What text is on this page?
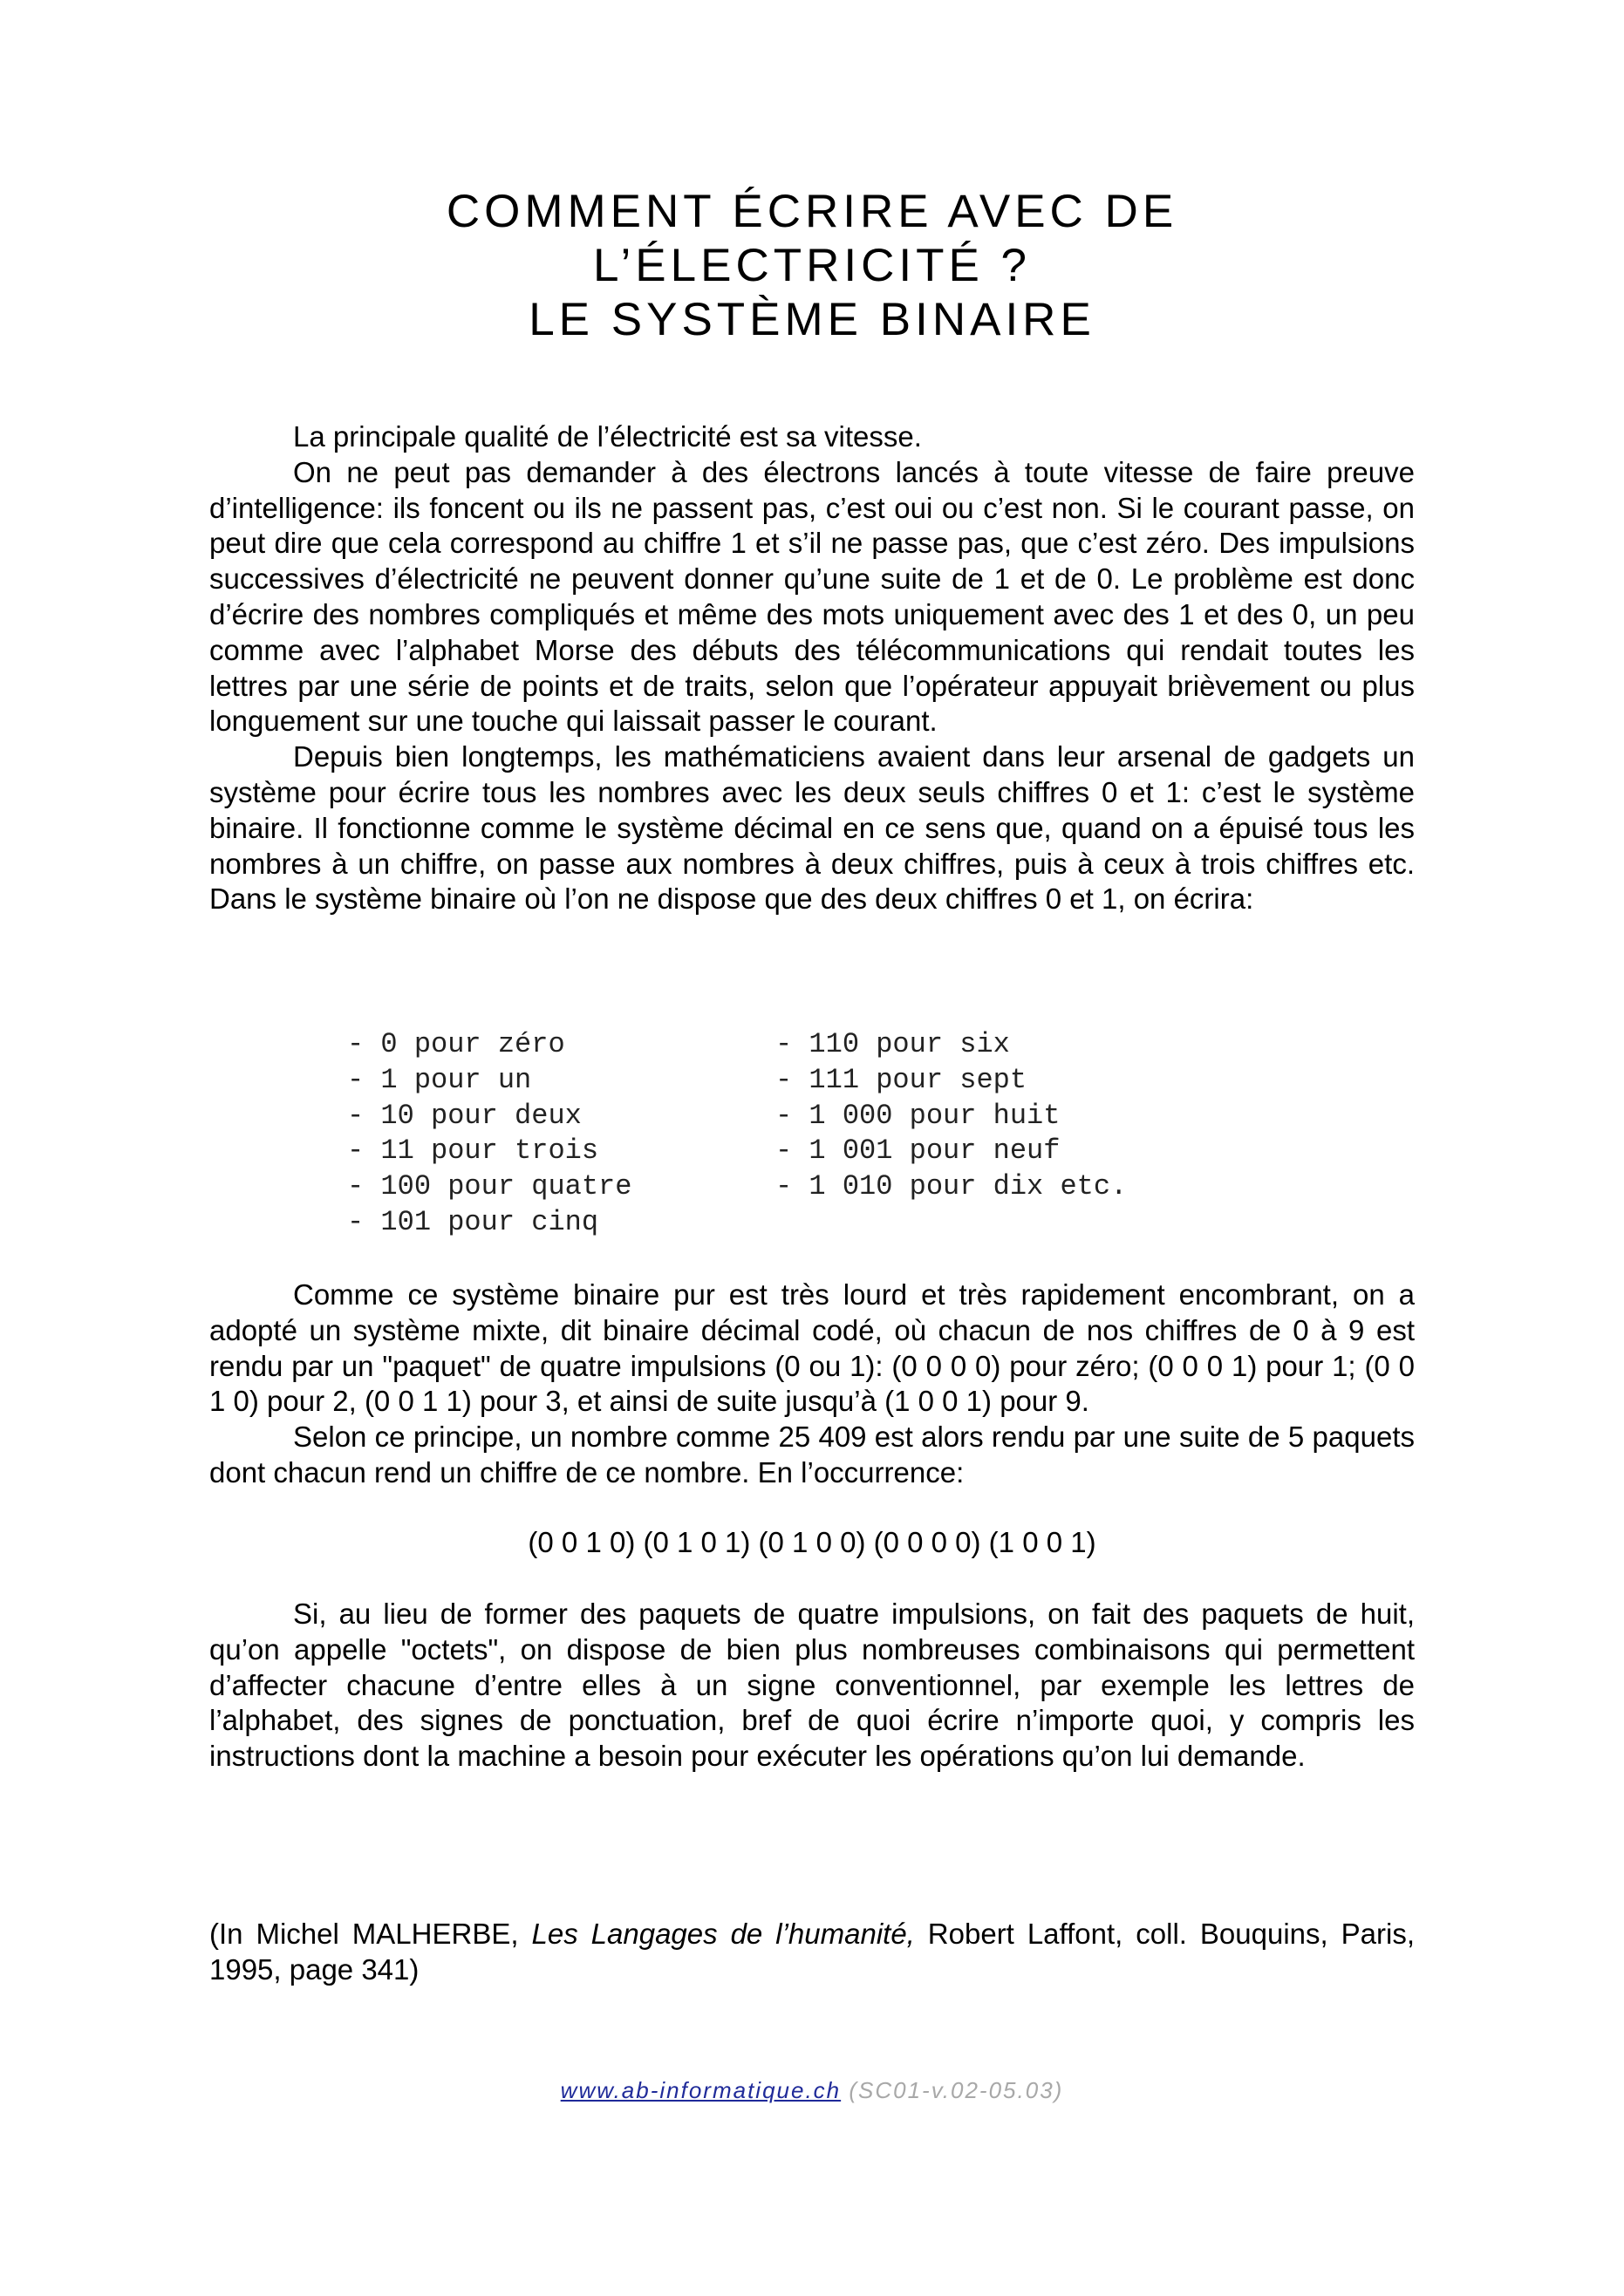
COMMENT ÉCRIRE AVEC DE
L’ÉLECTRICITÉ ?
LE SYSTÈME BINAIRE

La principale qualité de l’électricité est sa vitesse.

On ne peut pas demander à des électrons lancés à toute vitesse de faire preuve d’intelligence: ils foncent ou ils ne passent pas, c’est oui ou c’est non. Si le courant passe, on peut dire que cela correspond au chiffre 1 et s’il ne passe pas, que c’est zéro. Des impulsions successives d’électricité ne peuvent donner qu’une suite de 1 et de 0. Le problème est donc d’écrire des nombres compliqués et même des mots uniquement avec des 1 et des 0, un peu comme avec l’alphabet Morse des débuts des télécommunications qui rendait toutes les lettres par une série de points et de traits, selon que l’opérateur appuyait brièvement ou plus longuement sur une touche qui laissait passer le courant.

Depuis bien longtemps, les mathématiciens avaient dans leur arsenal de gadgets un système pour écrire tous les nombres avec les deux seuls chiffres 0 et 1: c’est le système binaire. Il fonctionne comme le système décimal en ce sens que, quand on a épuisé tous les nombres à un chiffre, on passe aux nombres à deux chiffres, puis à ceux à trois chiffres etc. Dans le système binaire où l’on ne dispose que des deux chiffres 0 et 1, on écrira:

- 0 pour zéro
- 1 pour un
- 10 pour deux
- 11 pour trois
- 100 pour quatre
- 101 pour cinq
- 110 pour six
- 111 pour sept
- 1 000 pour huit
- 1 001 pour neuf
- 1 010 pour dix etc.

Comme ce système binaire pur est très lourd et très rapidement encombrant, on a adopté un système mixte, dit binaire décimal codé, où chacun de nos chiffres de 0 à 9 est rendu par un "paquet" de quatre impulsions (0 ou 1): (0 0 0 0) pour zéro; (0 0 0 1) pour 1; (0 0 1 0) pour 2, (0 0 1 1) pour 3, et ainsi de suite jusqu’à (1 0 0 1) pour 9.

Selon ce principe, un nombre comme 25 409 est alors rendu par une suite de 5 paquets dont chacun rend un chiffre de ce nombre. En l’occurrence:

(0 0 1 0) (0 1 0 1) (0 1 0 0) (0 0 0 0) (1 0 0 1)

Si, au lieu de former des paquets de quatre impulsions, on fait des paquets de huit, qu’on appelle "octets", on dispose de bien plus nombreuses combinaisons qui permettent d’affecter chacune d’entre elles à un signe conventionnel, par exemple les lettres de l’alphabet, des signes de ponctuation, bref de quoi écrire n’importe quoi, y compris les instructions dont la machine a besoin pour exécuter les opérations qu’on lui demande.

(In Michel MALHERBE, Les Langages de l’humanité, Robert Laffont, coll. Bouquins, Paris, 1995, page 341)

www.ab-informatique.ch (SC01-v.02-05.03)
